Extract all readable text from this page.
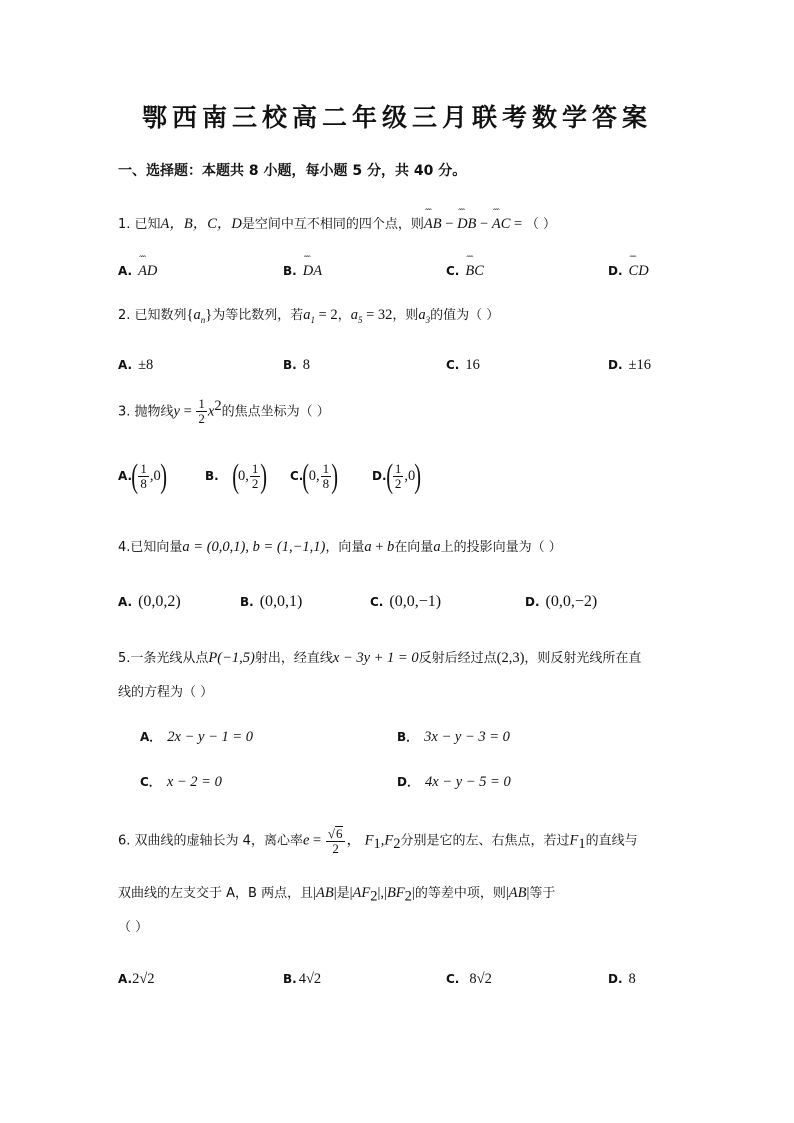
鄂西南三校高二年级三月联考数学答案
一、选择题：本题共 8 小题，每小题 5 分，共 40 分。
1. 已知A，B，C，D是空间中互不相同的四个点，则ˆˆˆ AB − ˆˆˆ DB − ˆˆˆ AC = （ ）
A. ˆˆˆ AD	B. ˆˆˆ DA	C. ˆˆˆ BC	D. ˆˆˆ CD
2. 已知数列$\{a_n\}$为等比数列，若$a_1 = 2$，$a_5 = 32$，则$a_3$的值为（ ）
A. ±8	B. 8	C. 16	D. ±16
3. 抛物线$y = \frac{1}{2} x^2$的焦点坐标为（ ）
$A.( \frac{1}{8} ,0)$	B. (0, $\frac{1}{2}$ ) C.(0, $\frac{1}{8}$ )	$D.( \frac{1}{2} ,0)$
4.已知向量a = (0,0,1), b = (1,−1,1)，向量a + b在向量a上的投影向量为（ ）
A. (0,0,2)	B. (0,0,1)	C. (0,0,−1)	D. (0,0,−2)
5.一条光线从点P(−1,5)射出，经直线x − 3y + 1 = 0反射后经过点(2,3)，则反射光线所在直
线的方程为（ ）
A． 2x − y − 1 = 0	B． 3x − y − 3 = 0
C． x − 2 = 0	D． 4x − y − 5 = 0
6. 双曲线的虚轴长为 4，离心率$e = \frac{√6}{2}$ ， $F_1,F_2$分别是它的左、右焦点，若过$F_1$的直线与
双曲线的左支交于 A，B 两点，且|AB|是$|AF_2|,|BF_2|$的等差中项，则|AB|等于
（ ）
A.2√2	B. 4√2	C. 8√2	D. 8
